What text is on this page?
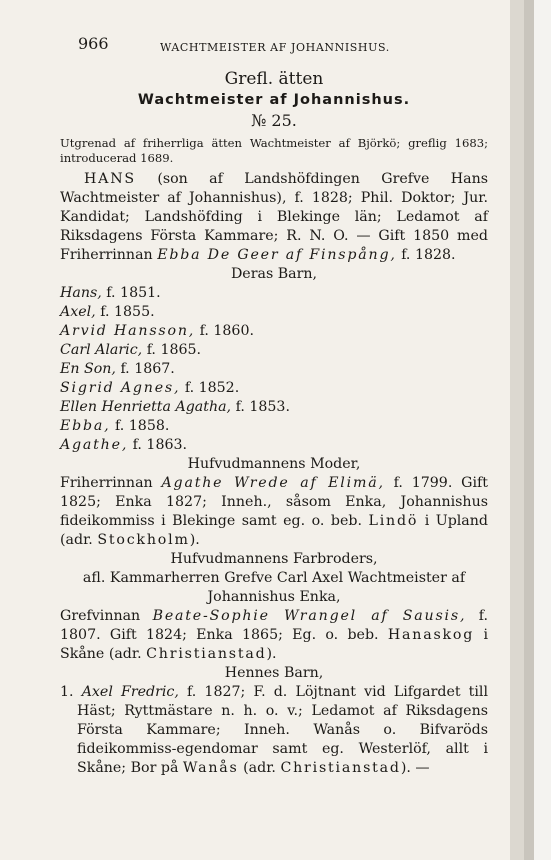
966	WACHTMEISTER AF JOHANNISHUS.
Grefl. ätten
Wachtmeister af Johannishus.
№ 25.
Utgrenad af friherrliga ätten Wachtmeister af Björkö; greflig 1683; introducerad 1689.
HANS (son af Landshöfdingen Grefve Hans Wachtmeister af Johannishus), f. 1828; Phil. Doktor; Jur. Kandidat; Landshöfding i Blekinge län; Ledamot af Riksdagens Första Kammare; R. N. O. — Gift 1850 med Friherrinnan Ebba De Geer af Finspång, f. 1828.
Deras Barn,
Hans, f. 1851.
Axel, f. 1855.
Arvid Hansson, f. 1860.
Carl Alaric, f. 1865.
En Son, f. 1867.
Sigrid Agnes, f. 1852.
Ellen Henrietta Agatha, f. 1853.
Ebba, f. 1858.
Agathe, f. 1863.
Hufvudmannens Moder,
Friherrinnan Agathe Wrede af Elimä, f. 1799. Gift 1825; Enka 1827; Inneh., såsom Enka, Johannishus fideikommiss i Blekinge samt eg. o. beb. Lindö i Upland (adr. Stockholm).
Hufvudmannens Farbroders,
afl. Kammarherren Grefve Carl Axel Wachtmeister af Johannishus Enka,
Grefvinnan Beate-Sophie Wrangel af Sausis, f. 1807. Gift 1824; Enka 1865; Eg. o. beb. Hanaskog i Skåne (adr. Christianstad).
Hennes Barn,
1. Axel Fredric, f. 1827; F. d. Löjtnant vid Lifgardet till Häst; Ryttmästare n. h. o. v.; Ledamot af Riksdagens Första Kammare; Inneh. Wanås o. Bifvaröds fideikommiss-egendomar samt eg. Westerlöf, allt i Skåne; Bor på Wanås (adr. Christianstad). —
